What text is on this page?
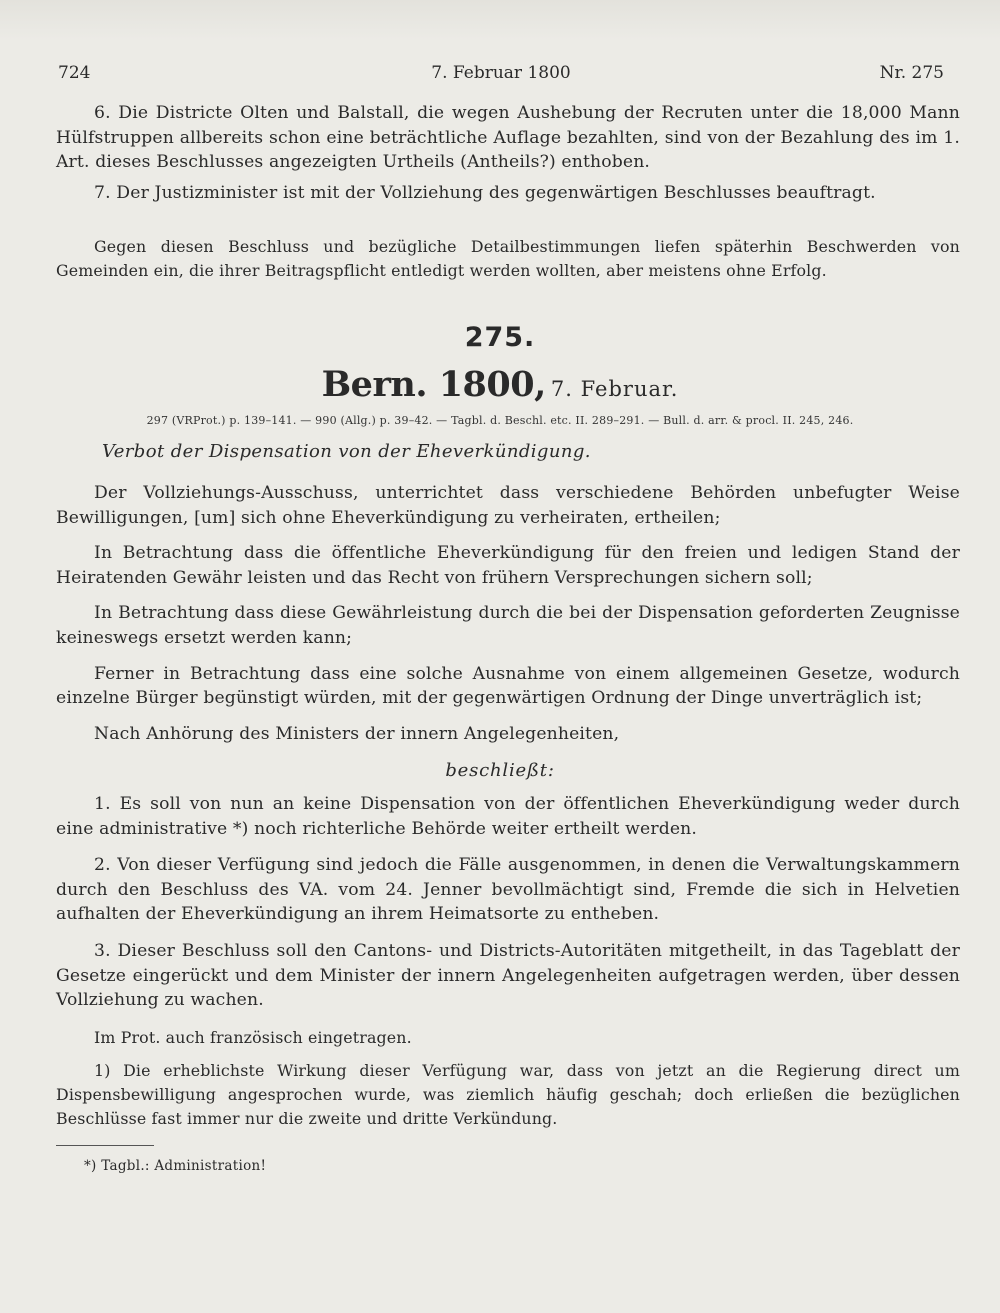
724	7. Februar 1800	Nr. 275

6. Die Districte Olten und Balstall, die wegen Aushebung der Recruten unter die 18,000 Mann Hülfstruppen allbereits schon eine beträchtliche Auflage bezahlten, sind von der Bezahlung des im 1. Art. dieses Beschlusses angezeigten Urtheils (Antheils?) enthoben.

7. Der Justizminister ist mit der Vollziehung des gegenwärtigen Beschlusses beauftragt.

Gegen diesen Beschluss und bezügliche Detailbestimmungen liefen späterhin Beschwerden von Gemeinden ein, die ihrer Beitragspflicht entledigt werden wollten, aber meistens ohne Erfolg.

275.
Bern. 1800, 7. Februar.
297 (VRProt.) p. 139–141. — 990 (Allg.) p. 39–42. — Tagbl. d. Beschl. etc. II. 289–291. — Bull. d. arr. & procl. II. 245, 246.
Verbot der Dispensation von der Eheverkündigung.

Der Vollziehungs-Ausschuss, unterrichtet dass verschiedene Behörden unbefugter Weise Bewilligungen, [um] sich ohne Eheverkündigung zu verheiraten, ertheilen;

In Betrachtung dass die öffentliche Eheverkündigung für den freien und ledigen Stand der Heiratenden Gewähr leisten und das Recht von frühern Versprechungen sichern soll;

In Betrachtung dass diese Gewährleistung durch die bei der Dispensation geforderten Zeugnisse keineswegs ersetzt werden kann;

Ferner in Betrachtung dass eine solche Ausnahme von einem allgemeinen Gesetze, wodurch einzelne Bürger begünstigt würden, mit der gegenwärtigen Ordnung der Dinge unverträglich ist;

Nach Anhörung des Ministers der innern Angelegenheiten,

beschließt:

1. Es soll von nun an keine Dispensation von der öffentlichen Eheverkündigung weder durch eine administrative *) noch richterliche Behörde weiter ertheilt werden.

2. Von dieser Verfügung sind jedoch die Fälle ausgenommen, in denen die Verwaltungskammern durch den Beschluss des VA. vom 24. Jenner bevollmächtigt sind, Fremde die sich in Helvetien aufhalten der Eheverkündigung an ihrem Heimatsorte zu entheben.

3. Dieser Beschluss soll den Cantons- und Districts-Autoritäten mitgetheilt, in das Tageblatt der Gesetze eingerückt und dem Minister der innern Angelegenheiten aufgetragen werden, über dessen Vollziehung zu wachen.

Im Prot. auch französisch eingetragen.

1) Die erheblichste Wirkung dieser Verfügung war, dass von jetzt an die Regierung direct um Dispensbewilligung angesprochen wurde, was ziemlich häufig geschah; doch erließen die bezüglichen Beschlüsse fast immer nur die zweite und dritte Verkündung.

*) Tagbl.: Administration!
